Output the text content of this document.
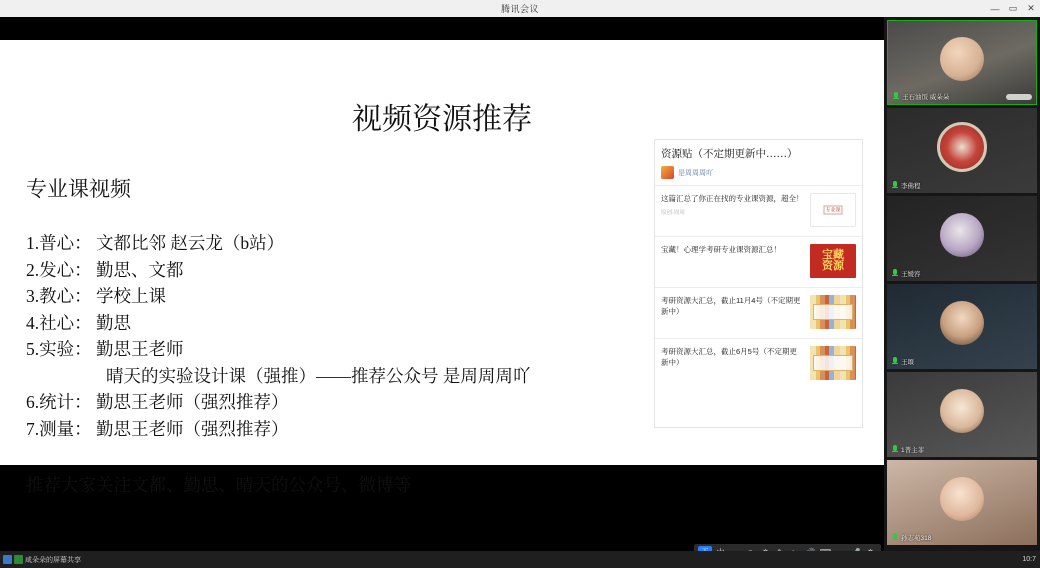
腾讯会议	—	▭	✕
视频资源推荐
专业课视频
1.普心： 文都比邻 赵云龙（b站）
2.发心： 勤思、文都
3.教心： 学校上课
4.社心： 勤思
5.实验： 勤思王老师
晴天的实验设计课（强推）——推荐公众号 是周周周吖
6.统计： 勤思王老师（强烈推荐）
7.测量： 勤思王老师（强烈推荐）
推荐大家关注文都、勤思、晴天的公众号、微博等
资源贴（不定期更新中……）
是周周周吖
这篇汇总了你正在找的专业课资源，超全！
原创·周周	专业课
宝藏！心理学考研专业课资源汇总！	宝藏
资源
考研资源大汇总，截止11月4号（不定期更新中）
考研资源大汇总，截止6月5号（不定期更新中）
王石油饭 威朵朵
李佛程
王媛容
王頌
1普主菲
孙志苑318
咸朵朵的屏幕共享	10:7
